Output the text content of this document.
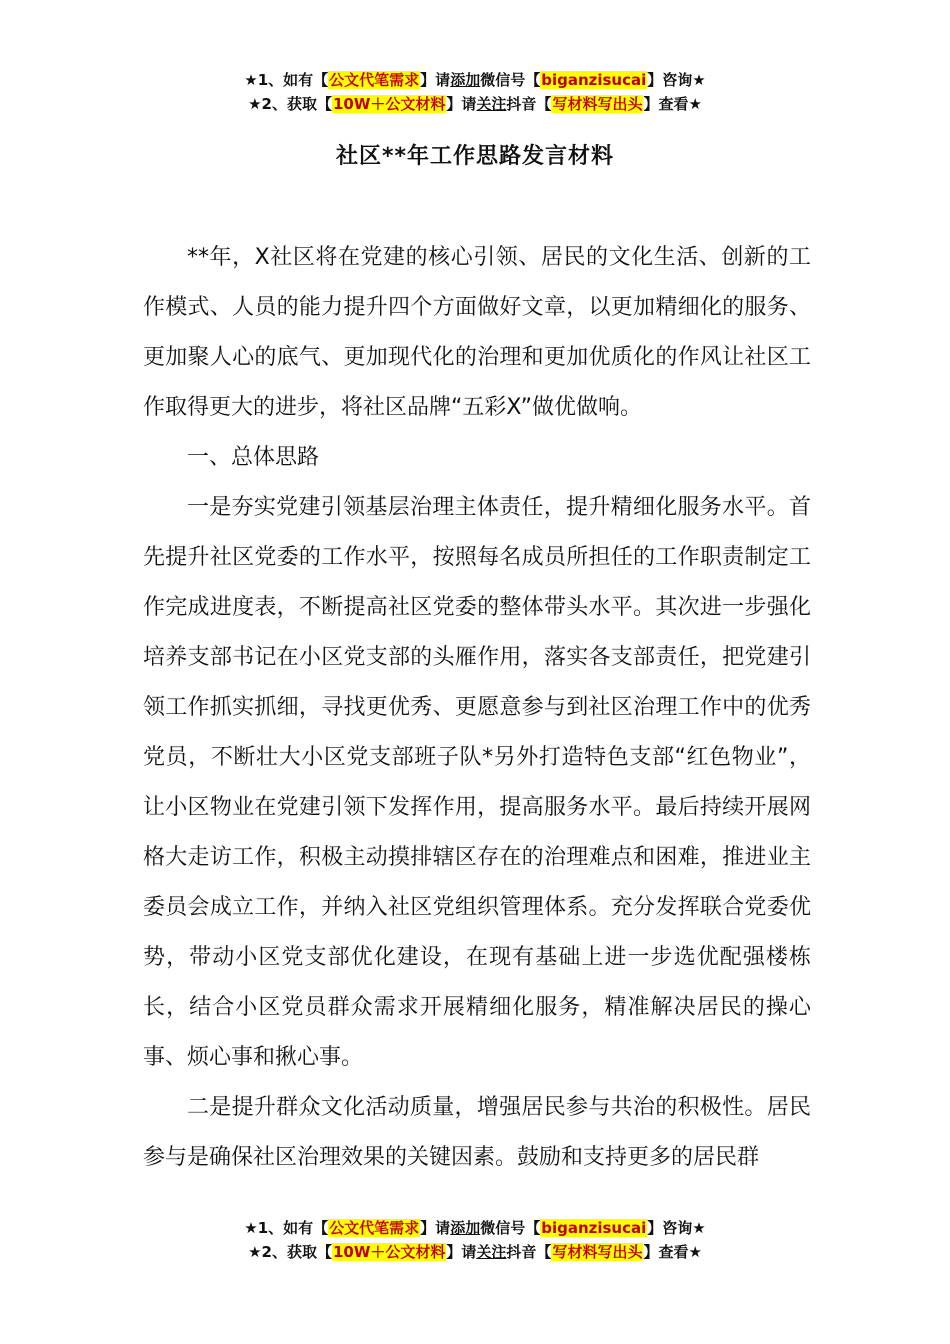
★1、如有【公文代笔需求】请添加微信号【biganzisucai】咨询★
★2、获取【10W＋公文材料】请关注抖音【写材料写出头】查看★
社区**年工作思路发言材料

**年，X社区将在党建的核心引领、居民的文化生活、创新的工作模式、人员的能力提升四个方面做好文章，以更加精细化的服务、更加聚人心的底气、更加现代化的治理和更加优质化的作风让社区工作取得更大的进步，将社区品牌“五彩X”做优做响。

一、总体思路

一是夯实党建引领基层治理主体责任，提升精细化服务水平。首先提升社区党委的工作水平，按照每名成员所担任的工作职责制定工作完成进度表，不断提高社区党委的整体带头水平。其次进一步强化培养支部书记在小区党支部的头雁作用，落实各支部责任，把党建引领工作抓实抓细，寻找更优秀、更愿意参与到社区治理工作中的优秀党员，不断壮大小区党支部班子队*另外打造特色支部“红色物业”，让小区物业在党建引领下发挥作用，提高服务水平。最后持续开展网格大走访工作，积极主动摸排辖区存在的治理难点和困难，推进业主委员会成立工作，并纳入社区党组织管理体系。充分发挥联合党委优势，带动小区党支部优化建设，在现有基础上进一步选优配强楼栋长，结合小区党员群众需求开展精细化服务，精准解决居民的操心事、烦心事和揪心事。

二是提升群众文化活动质量，增强居民参与共治的积极性。居民参与是确保社区治理效果的关键因素。鼓励和支持更多的居民群

★1、如有【公文代笔需求】请添加微信号【biganzisucai】咨询★
★2、获取【10W＋公文材料】请关注抖音【写材料写出头】查看★
